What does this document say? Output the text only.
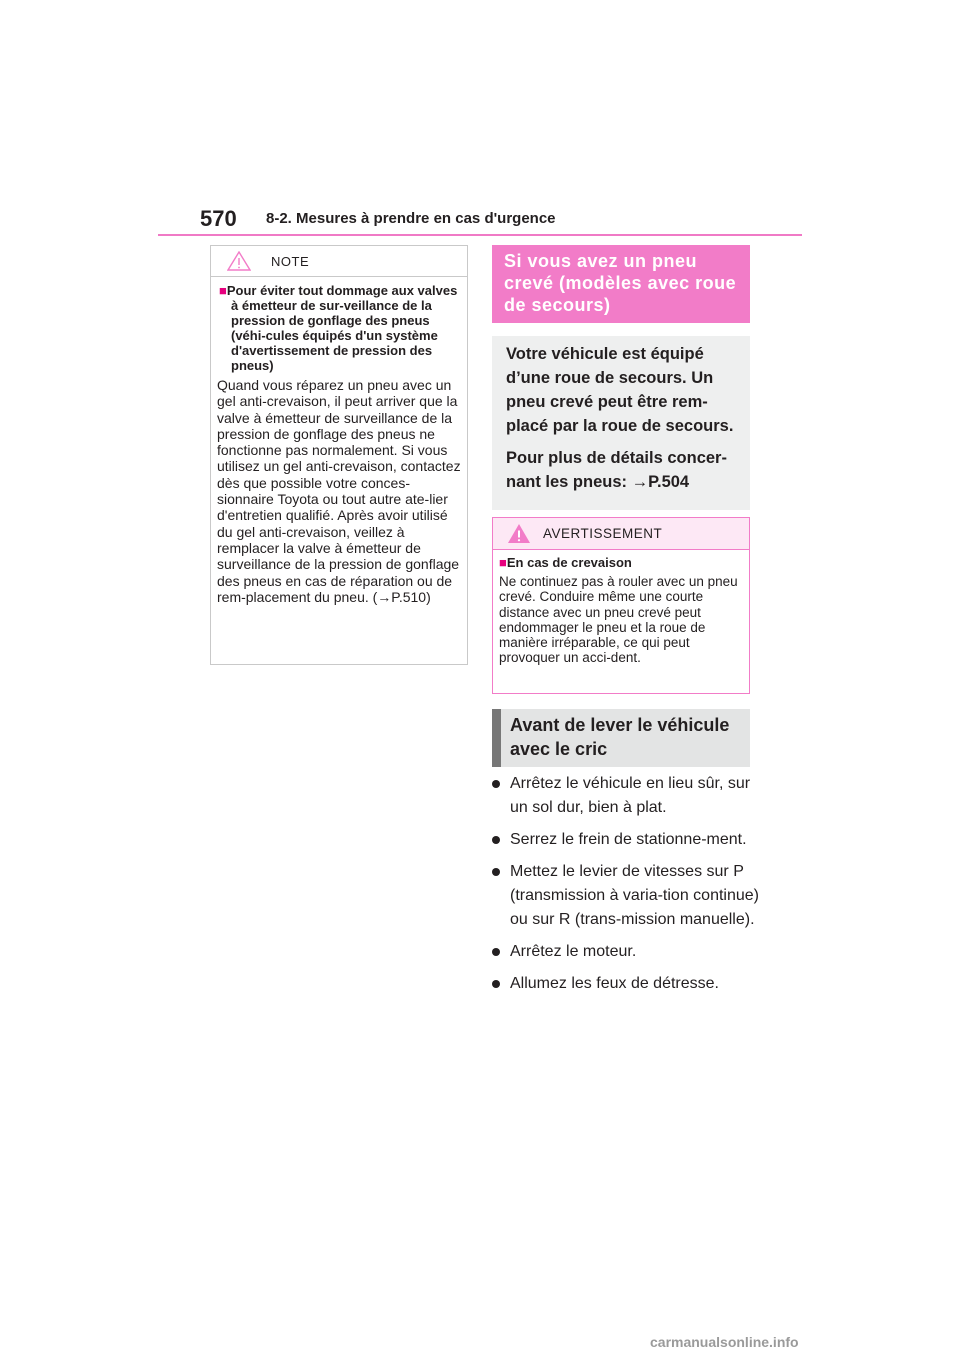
570 8-2. Mesures à prendre en cas d'urgence
NOTE

■Pour éviter tout dommage aux valves à émetteur de sur-veillance de la pression de gonflage des pneus (véhi-cules équipés d'un système d'avertissement de pression des pneus)

Quand vous réparez un pneu avec un gel anti-crevaison, il peut arriver que la valve à émetteur de surveillance de la pression de gonflage des pneus ne fonctionne pas normalement. Si vous utilisez un gel anti-crevaison, contactez dès que possible votre conces-sionnaire Toyota ou tout autre ate-lier d'entretien qualifié. Après avoir utilisé du gel anti-crevaison, veillez à remplacer la valve à émetteur de surveillance de la pression de gonflage des pneus en cas de réparation ou de rem-placement du pneu. (→P.510)

Si vous avez un pneu crevé (modèles avec roue de secours)

Votre véhicule est équipé d’une roue de secours. Un pneu crevé peut être rem-placé par la roue de secours.

Pour plus de détails concer-nant les pneus: →P.504

AVERTISSEMENT

■En cas de crevaison

Ne continuez pas à rouler avec un pneu crevé. Conduire même une courte distance avec un pneu crevé peut endommager le pneu et la roue de manière irréparable, ce qui peut provoquer un acci-dent.

Avant de lever le véhicule avec le cric
Arrêtez le véhicule en lieu sûr, sur un sol dur, bien à plat.
Serrez le frein de stationne-ment.
Mettez le levier de vitesses sur P (transmission à varia-tion continue) ou sur R (trans-mission manuelle).
Arrêtez le moteur.
Allumez les feux de détresse.
carmanualsonline.info
